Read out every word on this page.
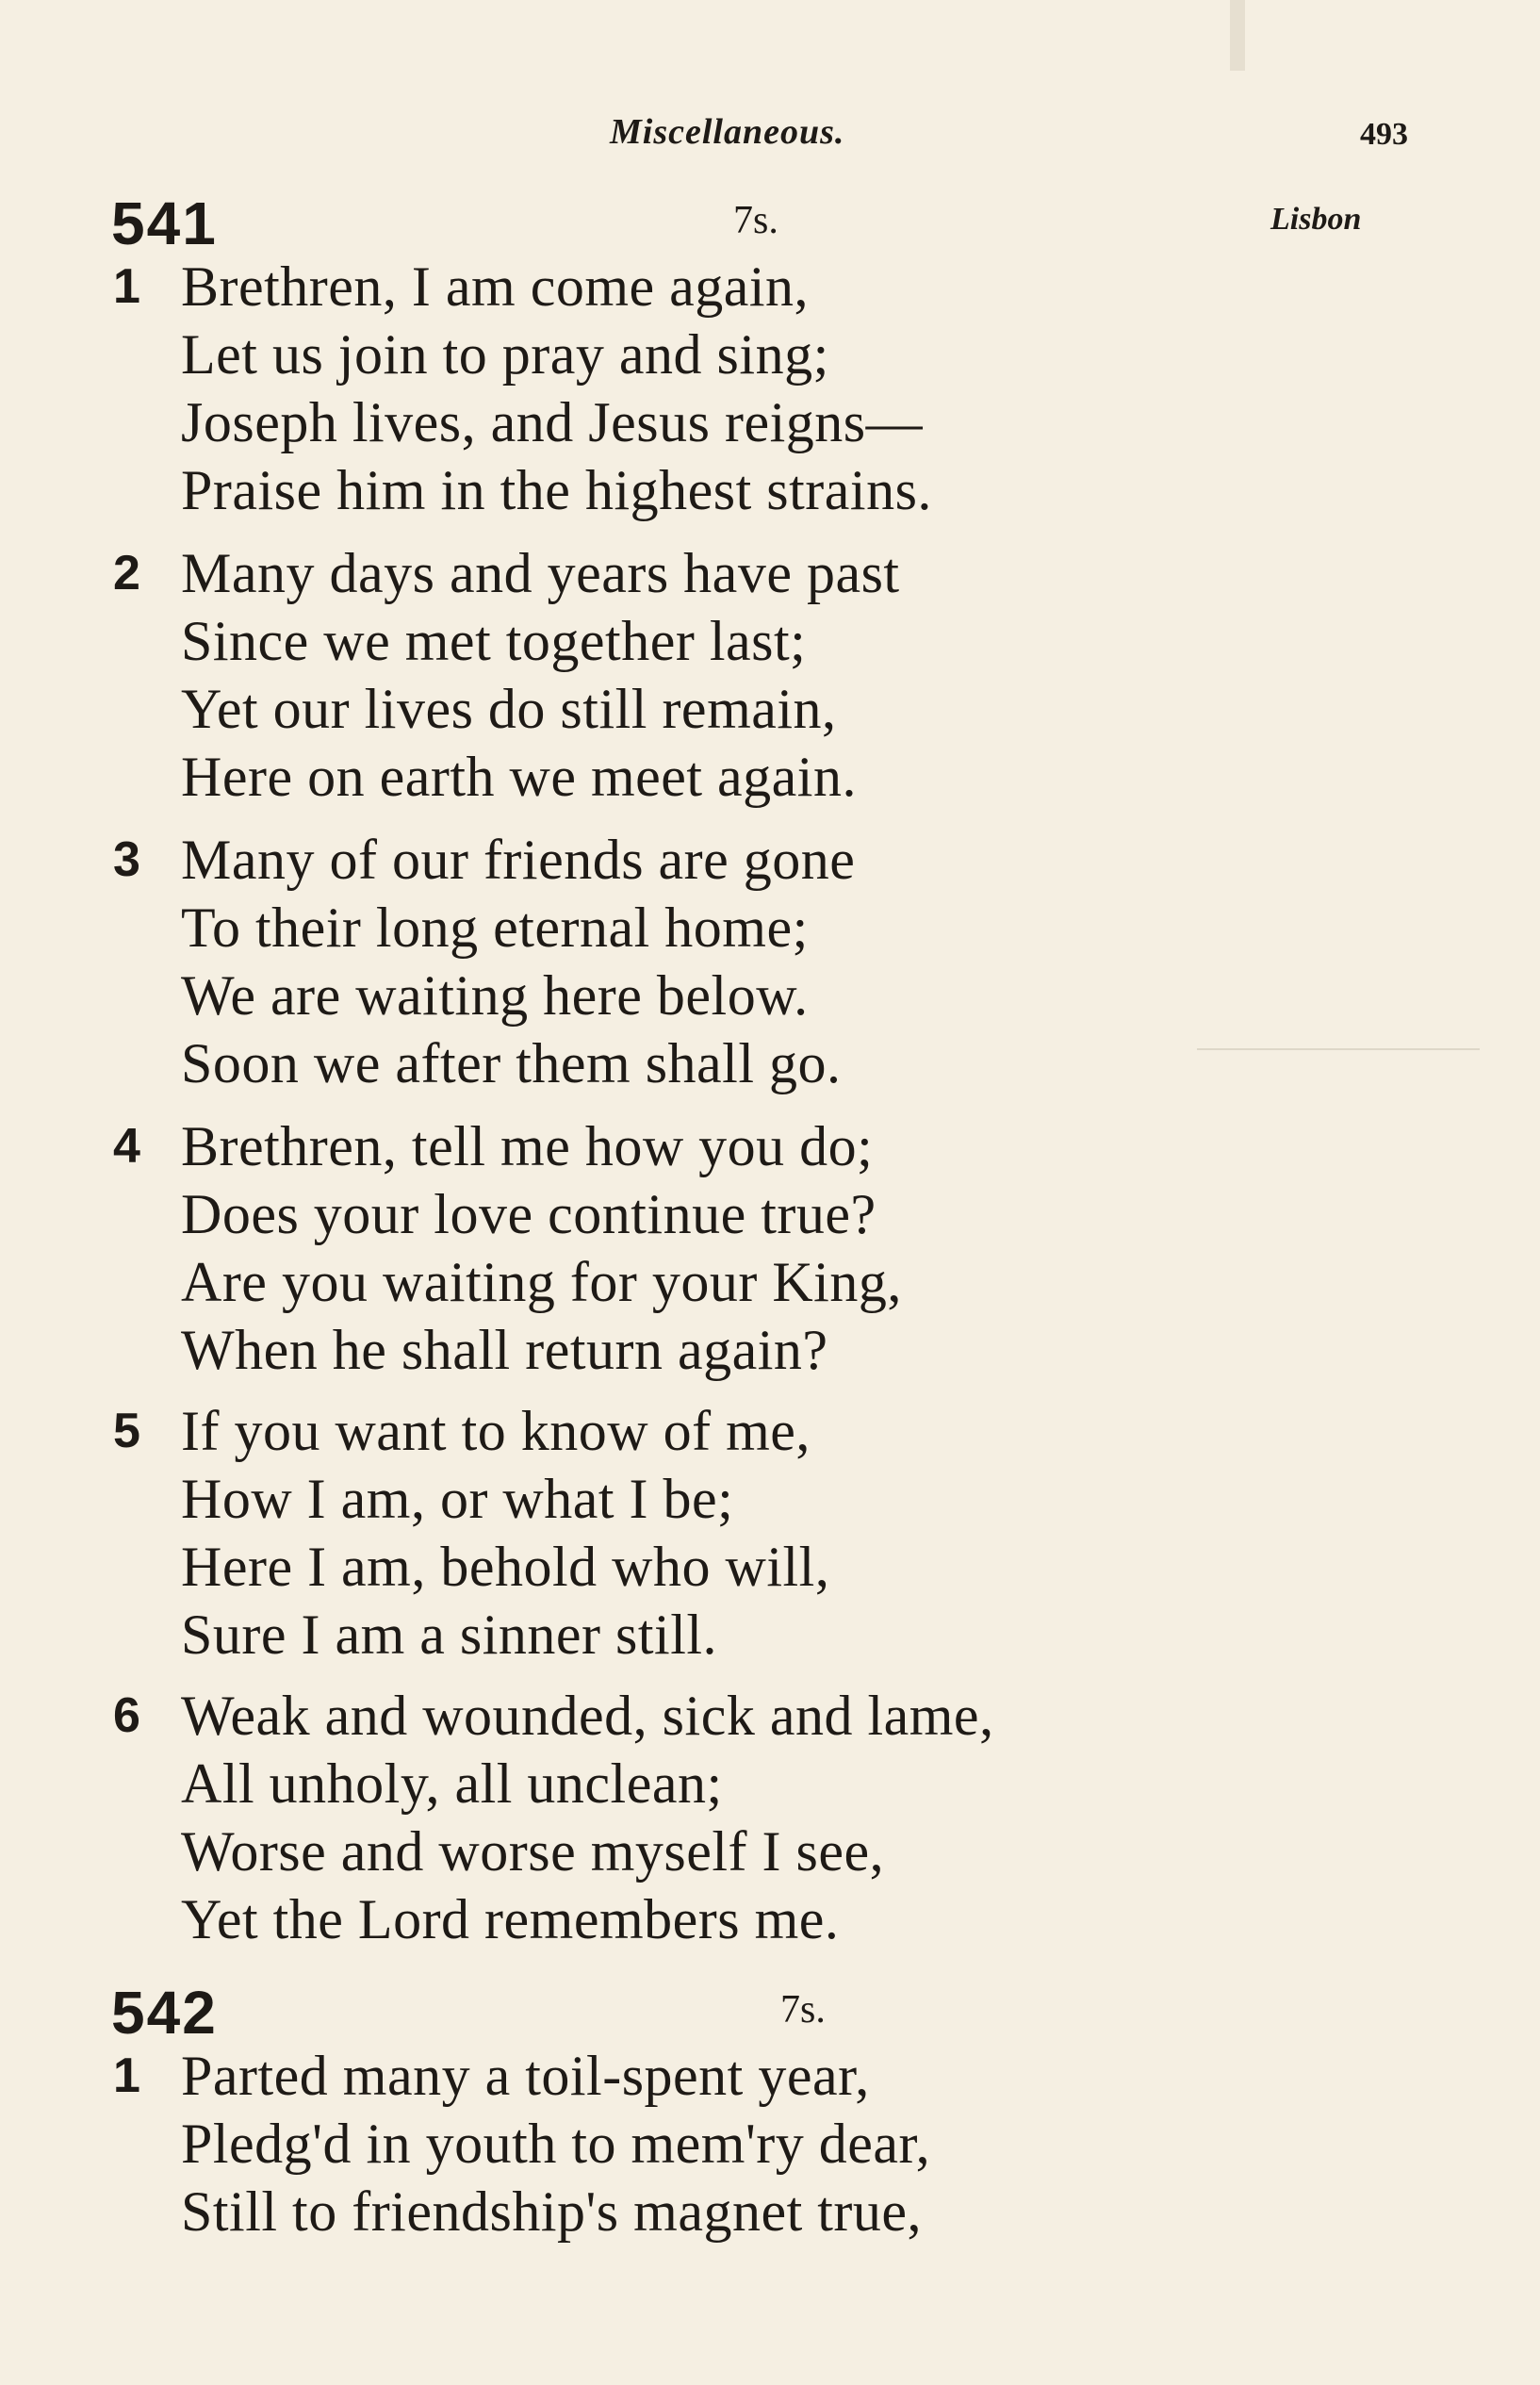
Miscellaneous.	493
541	7s.	Lisbon
1 Brethren, I am come again,
Let us join to pray and sing;
Joseph lives, and Jesus reigns—
Praise him in the highest strains.
2 Many days and years have past
Since we met together last;
Yet our lives do still remain,
Here on earth we meet again.
3 Many of our friends are gone
To their long eternal home;
We are waiting here below.
Soon we after them shall go.
4 Brethren, tell me how you do;
Does your love continue true?
Are you waiting for your King,
When he shall return again?
5 If you want to know of me,
How I am, or what I be;
Here I am, behold who will,
Sure I am a sinner still.
6 Weak and wounded, sick and lame,
All unholy, all unclean;
Worse and worse myself I see,
Yet the Lord remembers me.
542	7s.
1 Parted many a toil-spent year,
Pledg'd in youth to mem'ry dear,
Still to friendship's magnet true,
